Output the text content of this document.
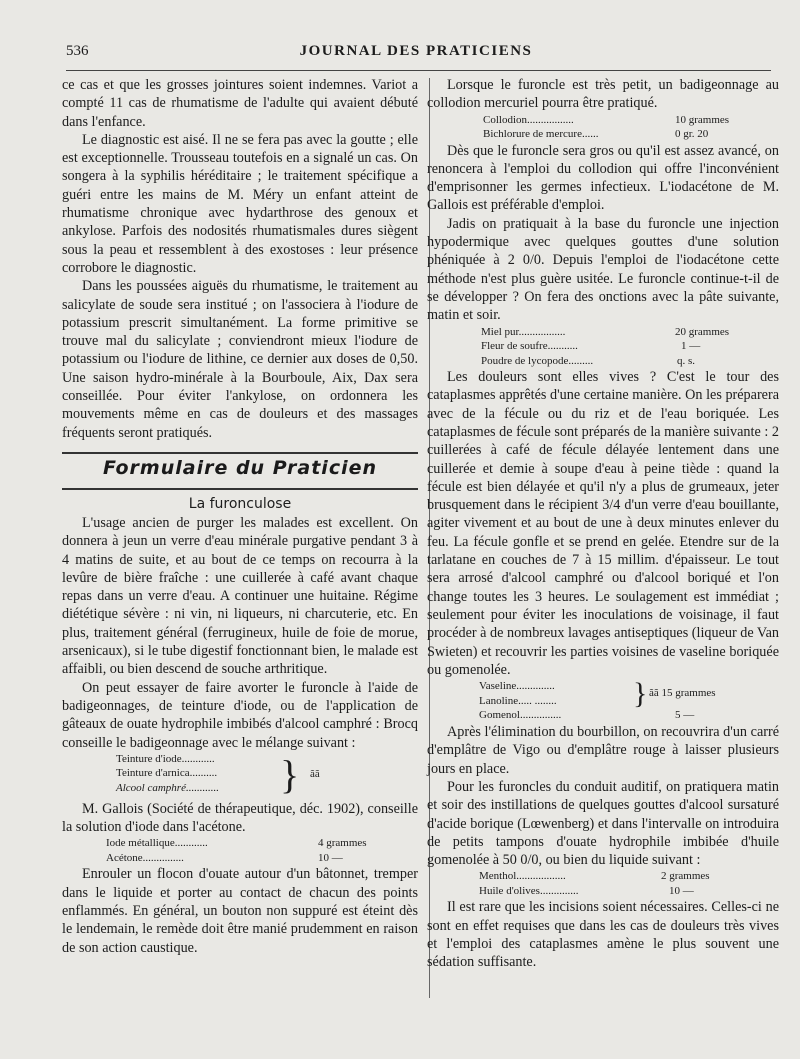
536	JOURNAL DES PRATICIENS

ce cas et que les grosses jointures soient indemnes. Variot a compté 11 cas de rhumatisme de l'adulte qui avaient débuté dans l'enfance.

Le diagnostic est aisé. Il ne se fera pas avec la goutte ; elle est exceptionnelle. Trousseau toutefois en a signalé un cas. On songera à la syphilis héréditaire ; le traitement spécifique a guéri entre les mains de M. Méry un enfant atteint de rhumatisme chronique avec hydarthrose des genoux et ankylose. Parfois des nodosités rhumatismales dures siègent sous la peau et ressemblent à des exostoses : leur présence corrobore le diagnostic.

Dans les poussées aiguës du rhumatisme, le traitement au salicylate de soude sera institué ; on l'associera à l'iodure de potassium prescrit simultanément. La forme primitive se trouve mal du salicylate ; conviendront mieux l'iodure de potassium ou l'iodure de lithine, ce dernier aux doses de 0,50. Une saison hydro-minérale à la Bourboule, Aix, Dax sera conseillée. Pour éviter l'ankylose, on ordonnera les mouvements même en cas de douleurs et des massages fréquents seront pratiqués.

Formulaire du Praticien
La furonculose

L'usage ancien de purger les malades est excellent. On donnera à jeun un verre d'eau minérale purgative pendant 3 à 4 matins de suite, et au bout de ce temps on recourra à la levûre de bière fraîche : une cuillerée à café avant chaque repas dans un verre d'eau. A continuer une huitaine. Régime diététique sévère : ni vin, ni liqueurs, ni charcuterie, etc. En plus, traitement général (ferrugineux, huile de foie de morue, arsenicaux), si le tube digestif fonctionnant bien, le malade est affaibli, ou bien descend de souche arthritique.

On peut essayer de faire avorter le furoncle à l'aide de badigeonnages, de teinture d'iode, ou de l'application de gâteaux de ouate hydrophile imbibés d'alcool camphré : Brocq conseille le badigeonnage avec le mélange suivant :

Teinture d'iode............
Teinture d'arnica..........
Alcool camphré............ } ãã

M. Gallois (Société de thérapeutique, déc. 1902), conseille la solution d'iode dans l'acétone.

Iode métallique............	4 grammes
Acétone...............	10 —

Enrouler un flocon d'ouate autour d'un bâtonnet, tremper dans le liquide et porter au contact de chacun des points enflammés. En général, un bouton non suppuré est éteint dès le lendemain, le remède doit être manié prudemment en raison de son action caustique.

Lorsque le furoncle est très petit, un badigeonnage au collodion mercuriel pourra être pratiqué.

Collodion.................	10 grammes
Bichlorure de mercure......	0 gr. 20

Dès que le furoncle sera gros ou qu'il est assez avancé, on renoncera à l'emploi du collodion qui offre l'inconvénient d'emprisonner les germes infectieux. L'iodacétone de M. Gallois est préférable d'emploi.

Jadis on pratiquait à la base du furoncle une injection hypodermique avec quelques gouttes d'une solution phéniquée à 2 0/0. Depuis l'emploi de l'iodacétone cette méthode n'est plus guère usitée. Le furoncle continue-t-il de se développer ? On fera des onctions avec la pâte suivante, matin et soir.

Miel pur.................	20 grammes
Fleur de soufre...........	1 —
Poudre de lycopode.........	q. s.

Les douleurs sont elles vives ? C'est le tour des cataplasmes apprêtés d'une certaine manière. On les préparera avec de la fécule ou du riz et de l'eau boriquée. Les cataplasmes de fécule sont préparés de la manière suivante : 2 cuillerées à café de fécule délayée lentement dans une cuillerée et demie à soupe d'eau à peine tiède : quand la fécule est bien délayée et qu'il n'y a plus de grumeaux, jeter brusquement dans le récipient 3/4 d'un verre d'eau bouillante, agiter vivement et au bout de une à deux minutes enlever du feu. La fécule gonfle et se prend en gelée. Etendre sur de la tarlatane en couches de 7 à 15 millim. d'épaisseur. Le tout sera arrosé d'alcool camphré ou d'alcool boriqué et l'on change toutes les 3 heures. Le soulagement est immédiat ; seulement pour éviter les inoculations de voisinage, il faut procéder à de nombreux lavages antiseptiques (liqueur de Van Swieten) et recouvrir les parties voisines de vaseline boriquée ou gomenolée.

Vaseline..............
Lanoline..... ........	} ãã 15 grammes
Gomenol...............	5 —

Après l'élimination du bourbillon, on recouvrira d'un carré d'emplâtre de Vigo ou d'emplâtre rouge à laisser plusieurs jours en place.

Pour les furoncles du conduit auditif, on pratiquera matin et soir des instillations de quelques gouttes d'alcool sursaturé d'acide borique (Lœwenberg) et dans l'intervalle on introduira de petits tampons d'ouate hydrophile imbibée d'huile gomenolée à 50 0/0, ou bien du liquide suivant :

Menthol..................	2 grammes
Huile d'olives..............	10 —

Il est rare que les incisions soient nécessaires. Celles-ci ne sont en effet requises que dans les cas de douleurs très vives et l'emploi des cataplasmes amène le plus souvent une sédation suffisante.
